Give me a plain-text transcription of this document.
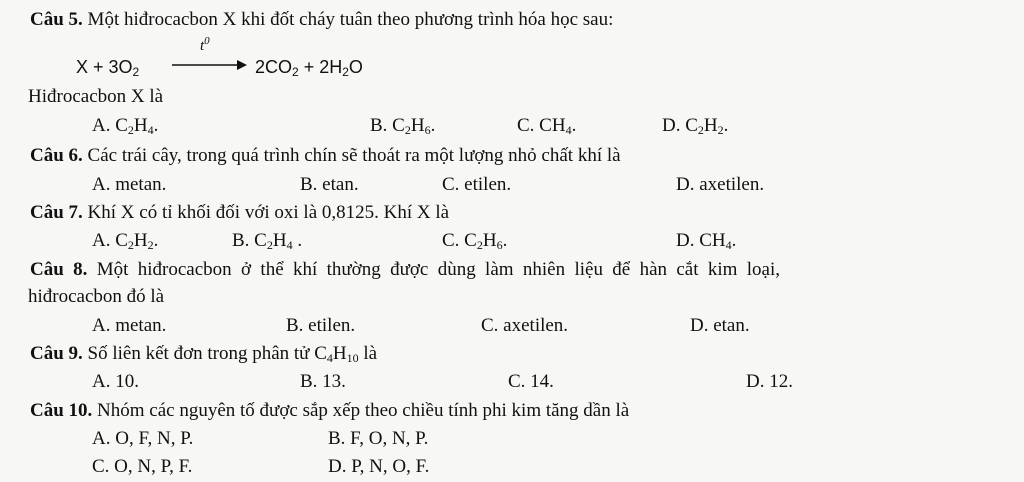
Câu 5. Một hiđrocacbon X khi đốt cháy tuân theo phương trình hóa học sau:
$X + 3O_2$
$t^0$
$2CO_2 + 2H_2O$
Hiđrocacbon X là
A. $C_2H_4$.	B. $C_2H_6$.	C. $CH_4$.	D. $C_2H_2$.
Câu 6. Các trái cây, trong quá trình chín sẽ thoát ra một lượng nhỏ chất khí là
A. metan.	B. etan.	C. etilen.	D. axetilen.
Câu 7. Khí X có tỉ khối đối với oxi là 0,8125. Khí X là
A. $C_2H_2$.	B. $C_2H_4$ .	C. $C_2H_6$.	D. $CH_4$.
Câu 8. Một hiđrocacbon ở thể khí thường được dùng làm nhiên liệu để hàn cắt kim loại,
hiđrocacbon đó là
A. metan.	B. etilen.	C. axetilen.	D. etan.
Câu 9. Số liên kết đơn trong phân tử $C_4H_{10}$ là
A. 10.	B. 13.	C. 14.	D. 12.
Câu 10. Nhóm các nguyên tố được sắp xếp theo chiều tính phi kim tăng dần là
A. O, F, N, P.	B. F, O, N, P.
C. O, N, P, F.	D. P, N, O, F.
